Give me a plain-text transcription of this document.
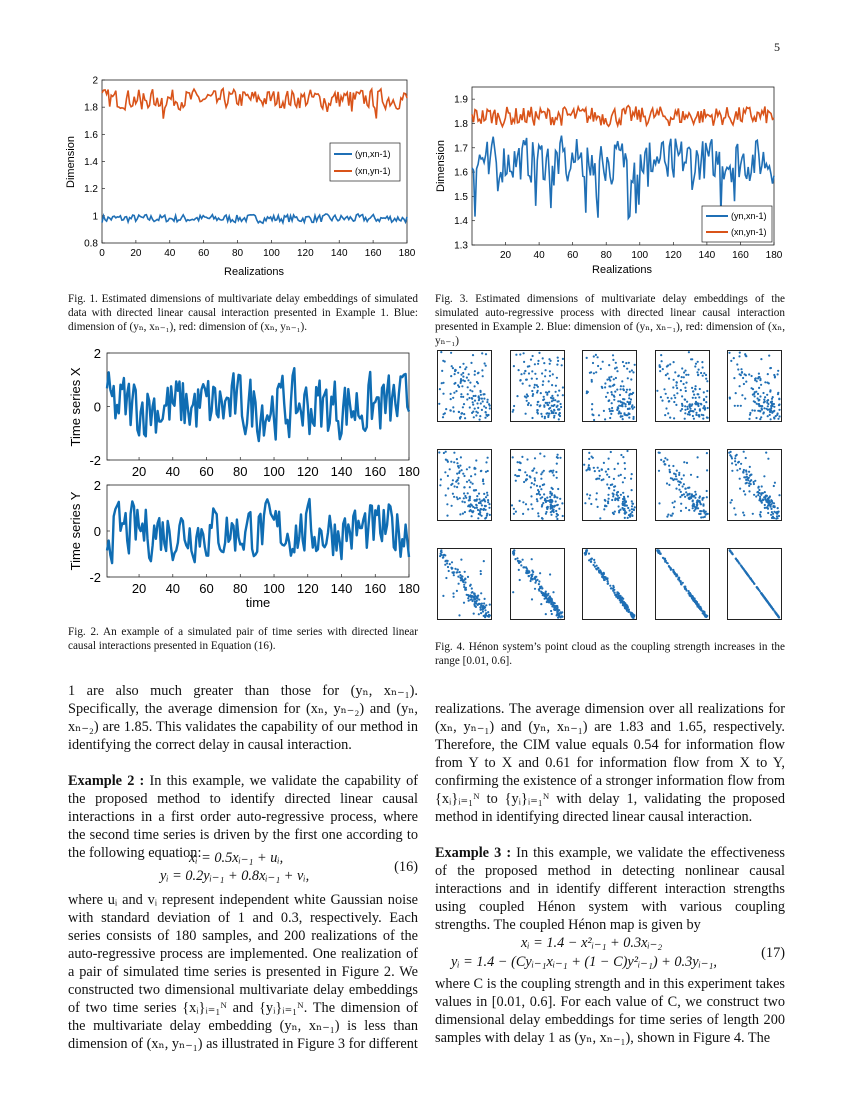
5
0.8
1
1.2
1.4
1.6
1.8
2
0	20 40 60 80 100 120 140 160 180
Dimension
Realizations
(yn,xn-1)
(xn,yn-1)
Fig. 1. Estimated dimensions of multivariate delay embeddings of simulated data with directed linear causal interaction presented in Example 1. Blue: dimension of (yₙ, xₙ₋₁), red: dimension of (xₙ, yₙ₋₁).
2
0
-2
20 40 60 80 100 120 140 160 180
2
0
-2
20 40 60 80 100 120 140 160 180
Time series X
Time series Y
time
Fig. 2. An example of a simulated pair of time series with directed linear causal interactions presented in Equation (16).
1.3
1.4
1.5
1.6
1.7
1.8
1.9
20 40 60 80 100 120 140 160 180
Dimension
Realizations
(yn,xn-1)
(xn,yn-1)
Fig. 3. Estimated dimensions of multivariate delay embeddings of the simulated auto-regressive process with directed linear causal interaction presented in Example 2. Blue: dimension of (yₙ, xₙ₋₁), red: dimension of (xₙ, yₙ₋₁)
Fig. 4. Hénon system’s point cloud as the coupling strength increases in the range [0.01, 0.6].

1 are also much greater than those for (yₙ, xₙ₋₁). Specifically, the average dimension for (xₙ, yₙ₋₂) and (yₙ, xₙ₋₂) are 1.85. This validates the capability of our method in identifying the correct delay in causal interaction.

Example 2 : In this example, we validate the capability of the proposed method to identify directed linear causal interactions in a first order auto-regressive process, where the second time series is driven by the first one according to the following equation:

xᵢ = 0.5xᵢ₋₁ + uᵢ,
yᵢ = 0.2yᵢ₋₁ + 0.8xᵢ₋₁ + vᵢ,
(16)
where uᵢ and vᵢ represent independent white Gaussian noise with standard deviation of 1 and 0.3, respectively. Each series consists of 180 samples, and 200 realizations of the auto-regressive process are implemented. One realization of a pair of simulated time series is presented in Figure 2. We constructed two dimensional multivariate delay embeddings of two time series {xᵢ}ᵢ₌₁ᴺ and {yᵢ}ᵢ₌₁ᴺ. The dimension of the multivariate delay embedding (yₙ, xₙ₋₁) is less than dimension of (xₙ, yₙ₋₁) as illustrated in Figure 3 for different

realizations. The average dimension over all realizations for (xₙ, yₙ₋₁) and (yₙ, xₙ₋₁) are 1.83 and 1.65, respectively. Therefore, the CIM value equals 0.54 for information flow from Y to X and 0.61 for information flow from X to Y, confirming the existence of a stronger information flow from {xᵢ}ᵢ₌₁ᴺ to {yᵢ}ᵢ₌₁ᴺ with delay 1, validating the proposed method in identifying directed linear causal interaction.

Example 3 : In this example, we validate the effectiveness of the proposed method in detecting nonlinear causal interactions and in identify different interaction strengths using coupled Hénon system with various coupling strengths. The coupled Hénon map is given by

xᵢ = 1.4 − x²ᵢ₋₁ + 0.3xᵢ₋₂
yᵢ = 1.4 − (Cyᵢ₋₁xᵢ₋₁ + (1 − C)y²ᵢ₋₁) + 0.3yᵢ₋₁,
(17)
where C is the coupling strength and in this experiment takes values in [0.01, 0.6]. For each value of C, we construct two dimensional delay embeddings for time series of length 200 samples with delay 1 as (yₙ, xₙ₋₁), shown in Figure 4. The
